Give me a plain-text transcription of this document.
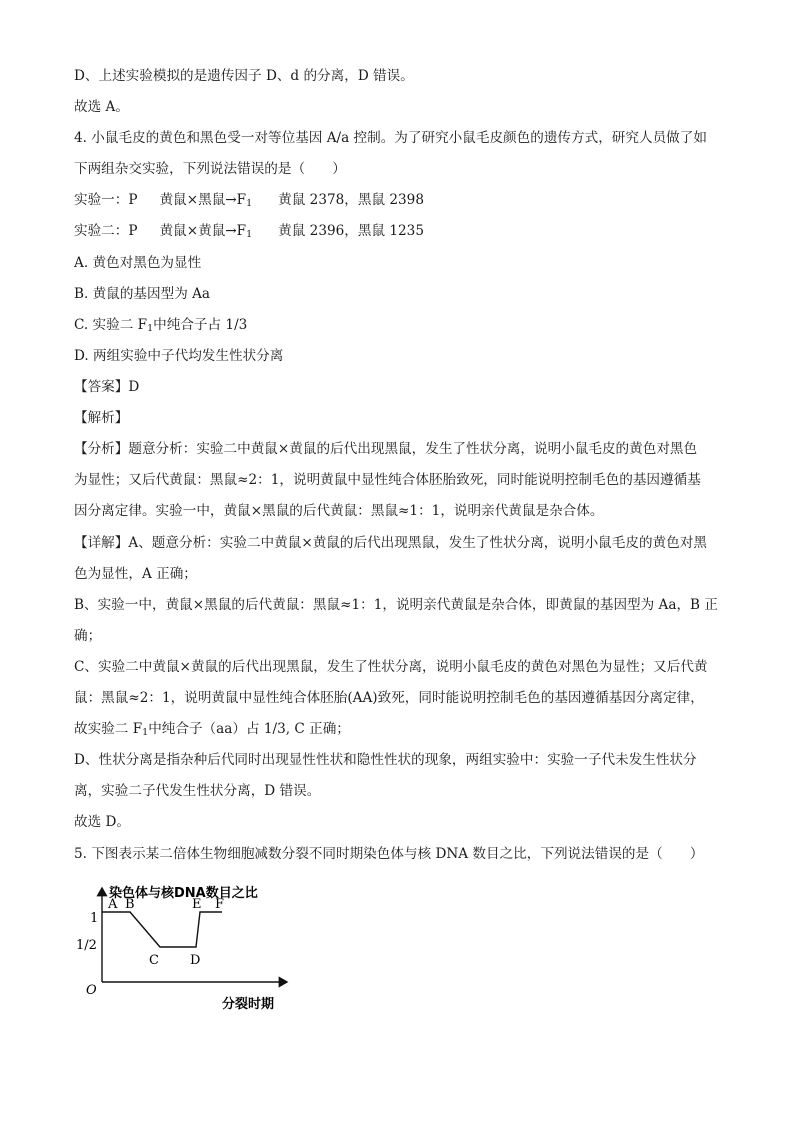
D、上述实验模拟的是遗传因子 D、d 的分离，D 错误。
故选 A。
4. 小鼠毛皮的黄色和黑色受一对等位基因 A/a 控制。为了研究小鼠毛皮颜色的遗传方式，研究人员做了如
下两组杂交实验，下列说法错误的是（　　）
实验一：P 黄鼠×黑鼠$\to F_1$ 黄鼠 2378，黑鼠 2398
实验二：P 黄鼠×黄鼠$\to F_1$ 黄鼠 2396，黑鼠 1235
A. 黄色对黑色为显性
B. 黄鼠的基因型为 Aa
C. 实验二 $F_1$中纯合子占 1/3
D. 两组实验中子代均发生性状分离
【答案】D
【解析】
【分析】题意分析：实验二中黄鼠×黄鼠的后代出现黑鼠，发生了性状分离，说明小鼠毛皮的黄色对黑色
为显性；又后代黄鼠：黑鼠≈2：1，说明黄鼠中显性纯合体胚胎致死，同时能说明控制毛色的基因遵循基
因分离定律。实验一中，黄鼠×黑鼠的后代黄鼠：黑鼠≈1：1，说明亲代黄鼠是杂合体。
【详解】A、题意分析：实验二中黄鼠×黄鼠的后代出现黑鼠，发生了性状分离，说明小鼠毛皮的黄色对黑
色为显性，A 正确；
B、实验一中，黄鼠×黑鼠的后代黄鼠：黑鼠≈1：1，说明亲代黄鼠是杂合体，即黄鼠的基因型为 Aa，B 正
确；
C、实验二中黄鼠×黄鼠的后代出现黑鼠，发生了性状分离，说明小鼠毛皮的黄色对黑色为显性；又后代黄
鼠：黑鼠≈2：1，说明黄鼠中显性纯合体胚胎(AA)致死，同时能说明控制毛色的基因遵循基因分离定律，
故实验二 $F_1$中纯合子（aa）占 1/3, C 正确；
D、性状分离是指杂种后代同时出现显性性状和隐性性状的现象，两组实验中：实验一子代未发生性状分
离，实验二子代发生性状分离，D 错误。
故选 D。
5. 下图表示某二倍体生物细胞减数分裂不同时期染色体与核 DNA 数目之比，下列说法错误的是（　　）
染色体与核DNA数目之比
分裂时期
O
1
1/2
A B
C D
E F
